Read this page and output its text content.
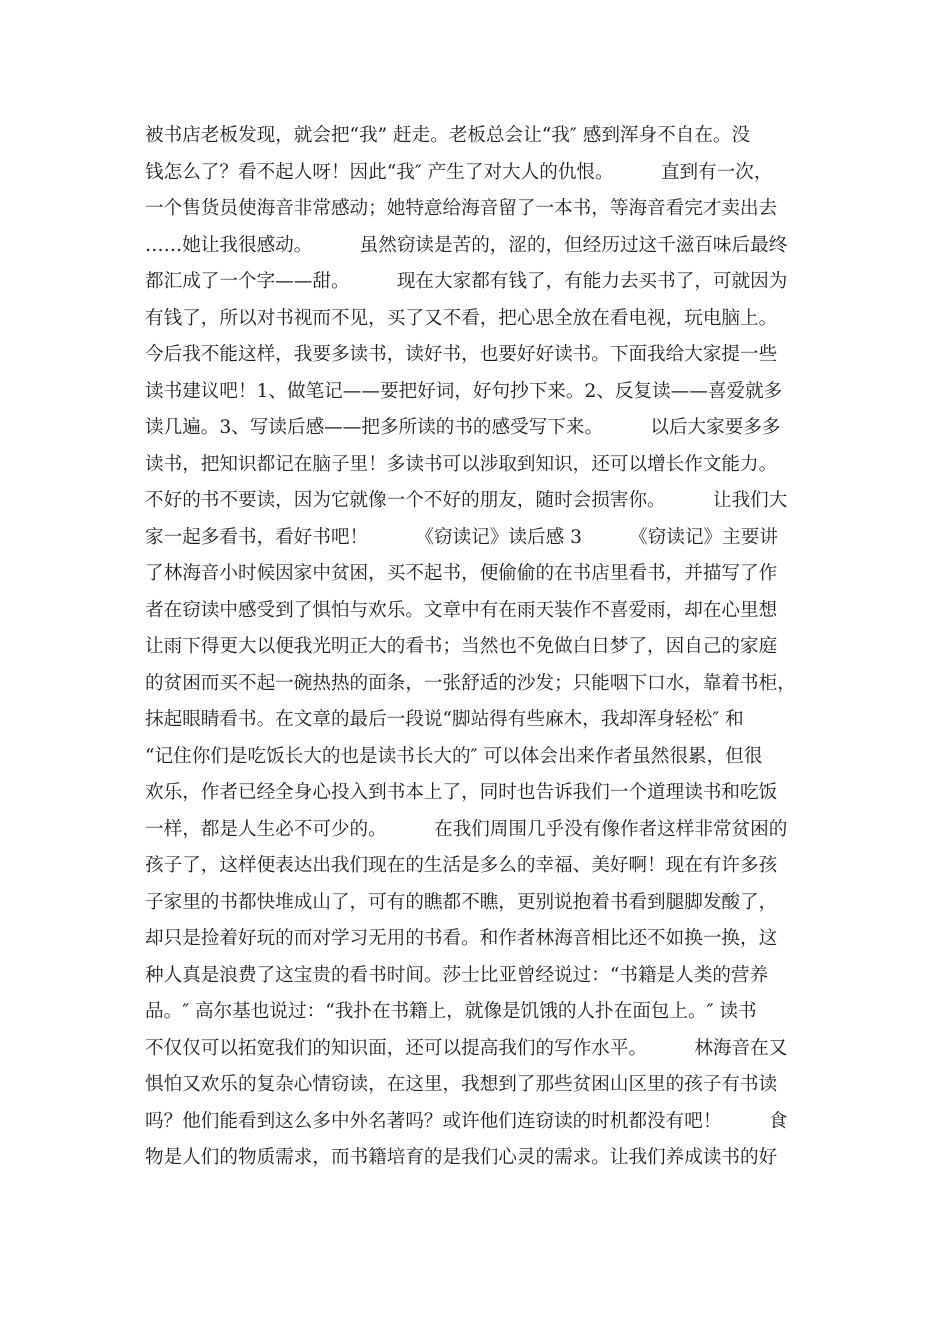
被书店老板发现，就会把“我” 赶走。老板总会让“我″ 感到浑身不自在。没
钱怎么了？看不起人呀！因此“我″ 产生了对大人的仇恨。        直到有一次，
一个售货员使海音非常感动；她特意给海音留了一本书，等海音看完才卖出去
……她让我很感动。        虽然窃读是苦的，涩的，但经历过这千滋百味后最终
都汇成了一个字——甜。        现在大家都有钱了，有能力去买书了，可就因为
有钱了，所以对书视而不见，买了又不看，把心思全放在看电视，玩电脑上。
今后我不能这样，我要多读书，读好书，也要好好读书。下面我给大家提一些
读书建议吧！1、做笔记——要把好词，好句抄下来。2、反复读——喜爱就多
读几遍。3、写读后感——把多所读的书的感受写下来。        以后大家要多多
读书，把知识都记在脑子里！多读书可以涉取到知识，还可以增长作文能力。
不好的书不要读，因为它就像一个不好的朋友，随时会损害你。        让我们大
家一起多看书，看好书吧！        《窃读记》读后感 3        《窃读记》主要讲
了林海音小时候因家中贫困，买不起书，便偷偷的在书店里看书，并描写了作
者在窃读中感受到了惧怕与欢乐。文章中有在雨天装作不喜爱雨，却在心里想
让雨下得更大以便我光明正大的看书；当然也不免做白日梦了，因自己的家庭
的贫困而买不起一碗热热的面条，一张舒适的沙发；只能咽下口水，靠着书柜，
抹起眼睛看书。在文章的最后一段说“脚站得有些麻木，我却浑身轻松″ 和
“记住你们是吃饭长大的也是读书长大的″ 可以体会出来作者虽然很累，但很
欢乐，作者已经全身心投入到书本上了，同时也告诉我们一个道理读书和吃饭
一样，都是人生必不可少的。        在我们周围几乎没有像作者这样非常贫困的
孩子了，这样便表达出我们现在的生活是多么的幸福、美好啊！现在有许多孩
子家里的书都快堆成山了，可有的瞧都不瞧，更别说抱着书看到腿脚发酸了，
却只是捡着好玩的而对学习无用的书看。和作者林海音相比还不如换一换，这
种人真是浪费了这宝贵的看书时间。莎士比亚曾经说过：“书籍是人类的营养
品。″ 高尔基也说过：“我扑在书籍上，就像是饥饿的人扑在面包上。″ 读书
不仅仅可以拓宽我们的知识面，还可以提高我们的写作水平。        林海音在又
惧怕又欢乐的复杂心情窃读，在这里，我想到了那些贫困山区里的孩子有书读
吗？他们能看到这么多中外名著吗？或许他们连窃读的时机都没有吧！        食
物是人们的物质需求，而书籍培育的是我们心灵的需求。让我们养成读书的好
